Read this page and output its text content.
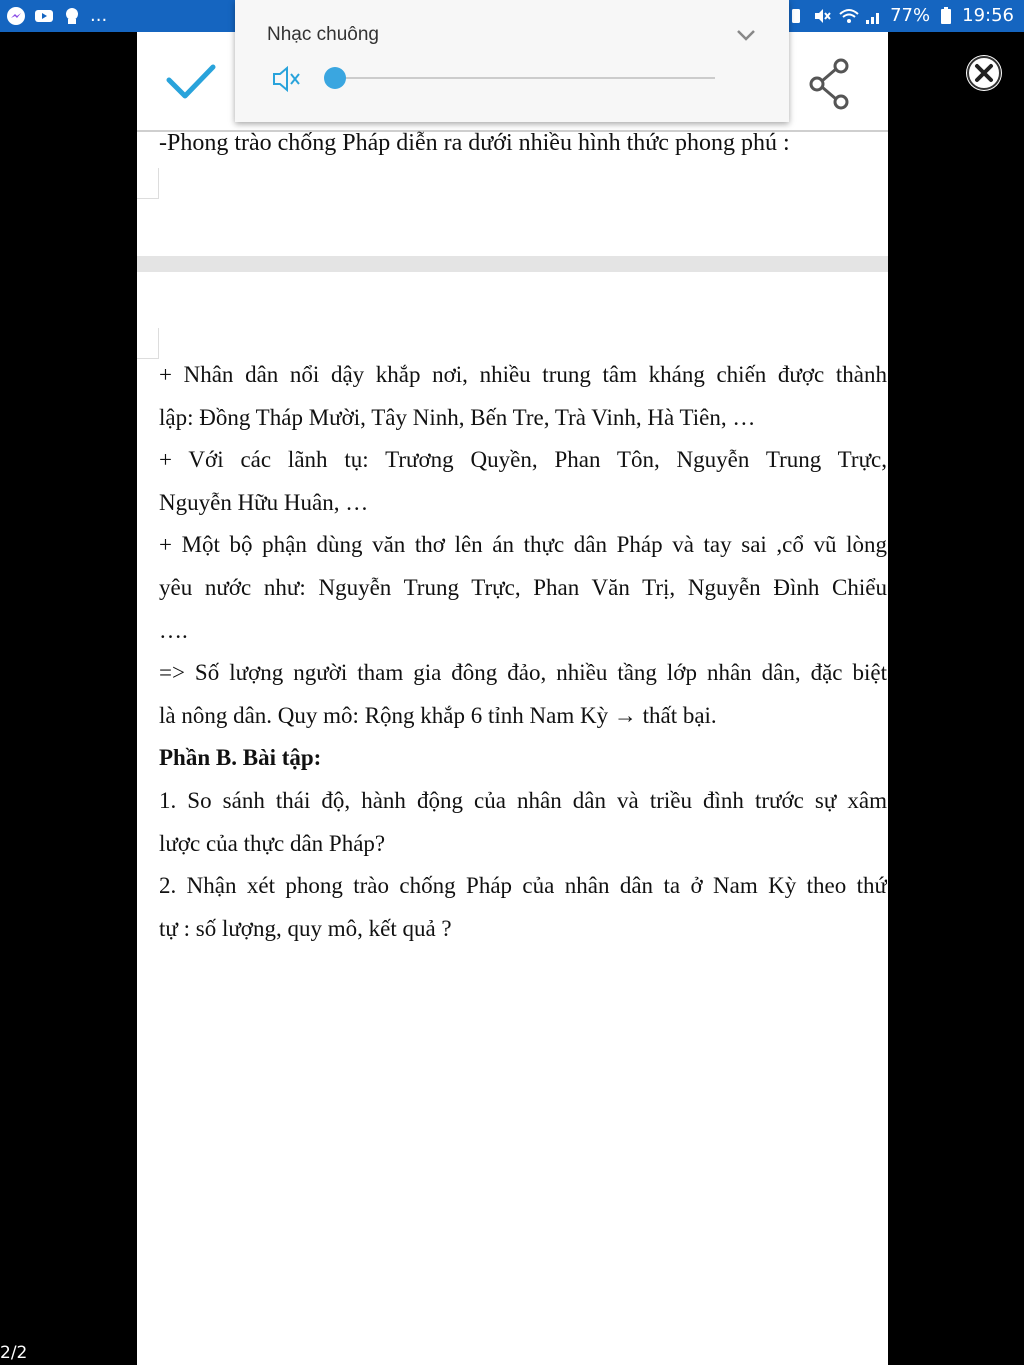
...	77% 19:56
-Phong trào chống Pháp diễn ra dưới nhiều hình thức phong phú :
+ Nhân dân nổi dậy khắp nơi, nhiều trung tâm kháng chiến được thành
lập: Đồng Tháp Mười, Tây Ninh, Bến Tre, Trà Vinh, Hà Tiên, …
+ Với các lãnh tụ: Trương Quyền, Phan Tôn, Nguyễn Trung Trực,
Nguyễn Hữu Huân, …
+ Một bộ phận dùng văn thơ lên án thực dân Pháp và tay sai ,cổ vũ lòng
yêu nước như: Nguyễn Trung Trực, Phan Văn Trị, Nguyễn Đình Chiểu
….
=> Số lượng người tham gia đông đảo, nhiều tầng lớp nhân dân, đặc biệt
là nông dân. Quy mô: Rộng khắp 6 tỉnh Nam Kỳ → thất bại.
Phần B. Bài tập:
1. So sánh thái độ, hành động của nhân dân và triều đình trước sự xâm
lược của thực dân Pháp?
2. Nhận xét phong trào chống Pháp của nhân dân ta ở Nam Kỳ theo thứ
tự : số lượng, quy mô, kết quả ?
Nhạc chuông
2/2
